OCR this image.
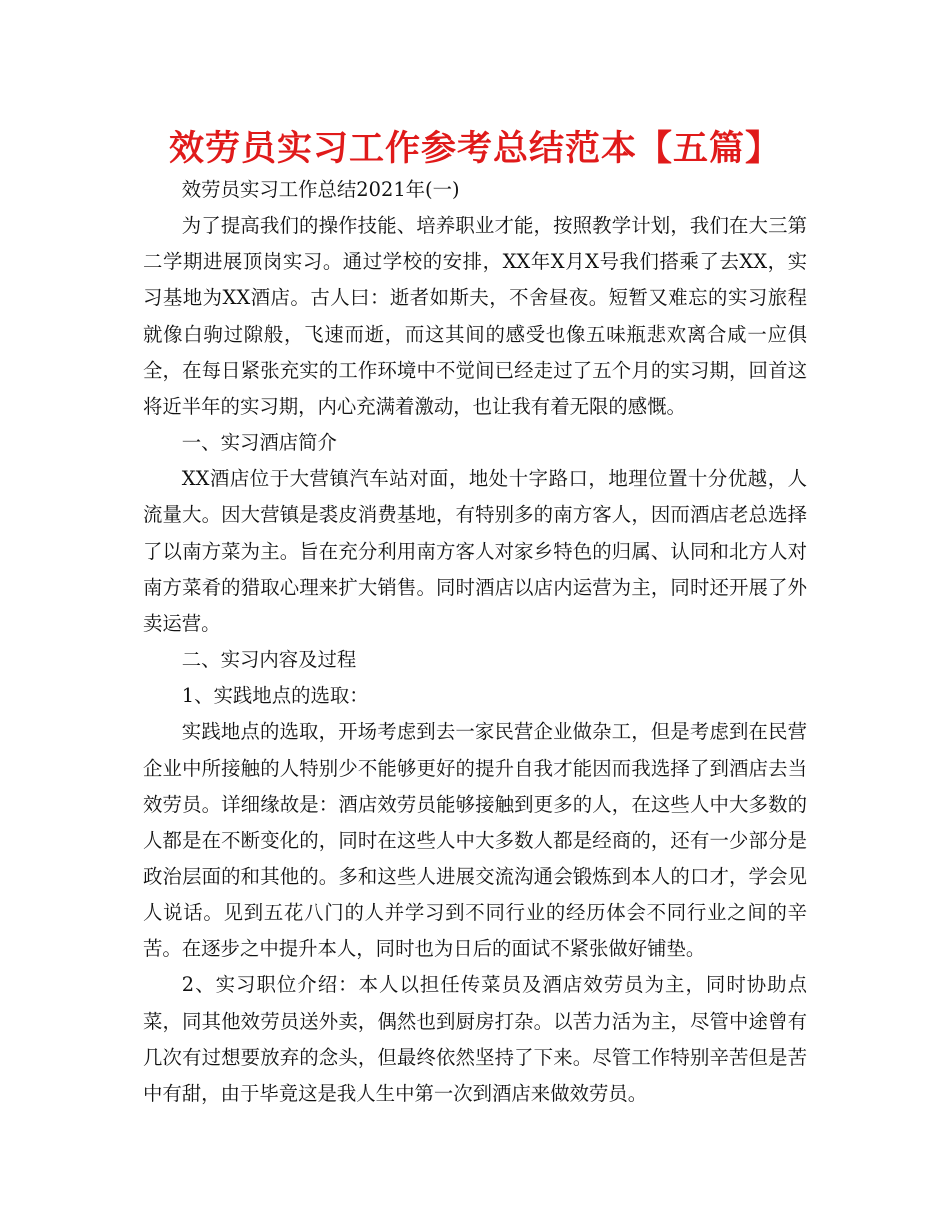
效劳员实习工作参考总结范本【五篇】

效劳员实习工作总结2021年(一)

为了提高我们的操作技能、培养职业才能，按照教学计划，我们在大三第二学期进展顶岗实习。通过学校的安排，XX年X月X号我们搭乘了去XX，实习基地为XX酒店。古人曰：逝者如斯夫，不舍昼夜。短暂又难忘的实习旅程就像白驹过隙般，飞速而逝，而这其间的感受也像五味瓶悲欢离合咸一应俱全，在每日紧张充实的工作环境中不觉间已经走过了五个月的实习期，回首这将近半年的实习期，内心充满着激动，也让我有着无限的感慨。

一、实习酒店简介

XX酒店位于大营镇汽车站对面，地处十字路口，地理位置十分优越，人流量大。因大营镇是裘皮消费基地，有特别多的南方客人，因而酒店老总选择了以南方菜为主。旨在充分利用南方客人对家乡特色的归属、认同和北方人对南方菜肴的猎取心理来扩大销售。同时酒店以店内运营为主，同时还开展了外卖运营。

二、实习内容及过程

1、实践地点的选取：

实践地点的选取，开场考虑到去一家民营企业做杂工，但是考虑到在民营企业中所接触的人特别少不能够更好的提升自我才能因而我选择了到酒店去当效劳员。详细缘故是：酒店效劳员能够接触到更多的人，在这些人中大多数的人都是在不断变化的，同时在这些人中大多数人都是经商的，还有一少部分是政治层面的和其他的。多和这些人进展交流沟通会锻炼到本人的口才，学会见人说话。见到五花八门的人并学习到不同行业的经历体会不同行业之间的辛苦。在逐步之中提升本人，同时也为日后的面试不紧张做好铺垫。

2、实习职位介绍：本人以担任传菜员及酒店效劳员为主，同时协助点菜，同其他效劳员送外卖，偶然也到厨房打杂。以苦力活为主，尽管中途曾有几次有过想要放弃的念头，但最终依然坚持了下来。尽管工作特别辛苦但是苦中有甜，由于毕竟这是我人生中第一次到酒店来做效劳员。
